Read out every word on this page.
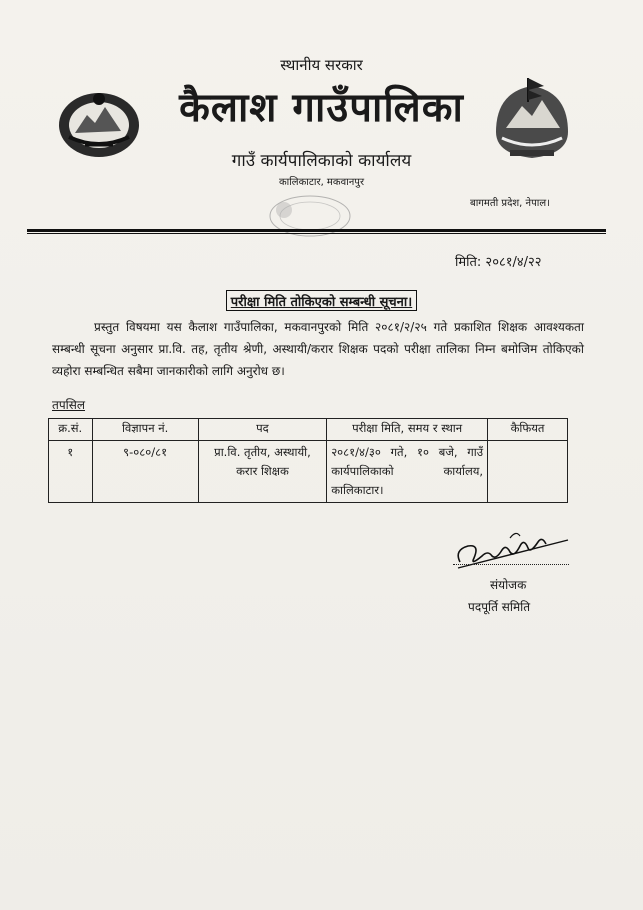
स्थानीय सरकार
कैलाश गाउँपालिका
गाउँ कार्यपालिकाको कार्यालय
कालिकाटार, मकवानपुर
बागमती प्रदेश, नेपाल।
मिति: २०८१/४/२२
परीक्षा मिति तोकिएको सम्बन्धी सूचना।
प्रस्तुत विषयमा यस कैलाश गाउँपालिका, मकवानपुरको मिति २०८१/२/२५ गते प्रकाशित शिक्षक आवश्यकता सम्बन्धी सूचना अनुसार प्रा.वि. तह, तृतीय श्रेणी, अस्थायी/करार शिक्षक पदको परीक्षा तालिका निम्न बमोजिम तोकिएको व्यहोरा सम्बन्धित सबैमा जानकारीको लागि अनुरोध छ।
तपसिल
क्र.सं.	विज्ञापन नं.	पद	परीक्षा मिति, समय र स्थान	कैफियत
१	९-०८०/८१	प्रा.वि. तृतीय, अस्थायी, करार शिक्षक	२०८१/४/३० गते, १० बजे, गाउँ कार्यपालिकाको कार्यालय, कालिकाटार।	
संयोजक
पदपूर्ति समिति
